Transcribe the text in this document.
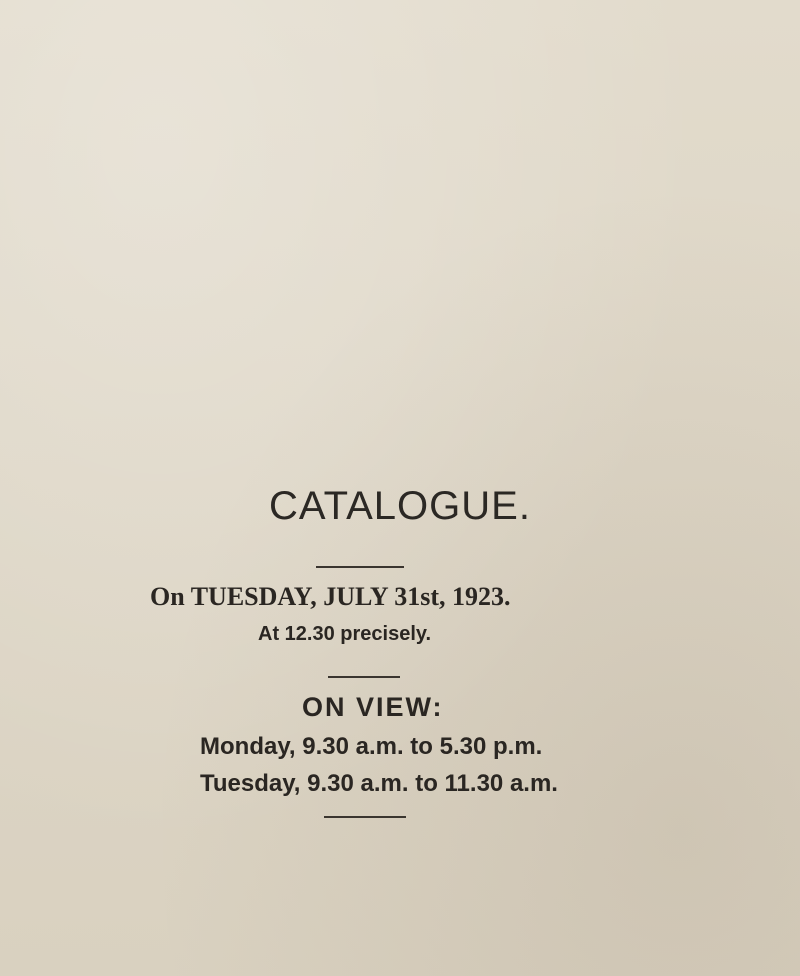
CATALOGUE.
On TUESDAY, JULY 31st, 1923.
At 12.30 precisely.
ON VIEW:
Monday, 9.30 a.m. to 5.30 p.m.
Tuesday, 9.30 a.m. to 11.30 a.m.
